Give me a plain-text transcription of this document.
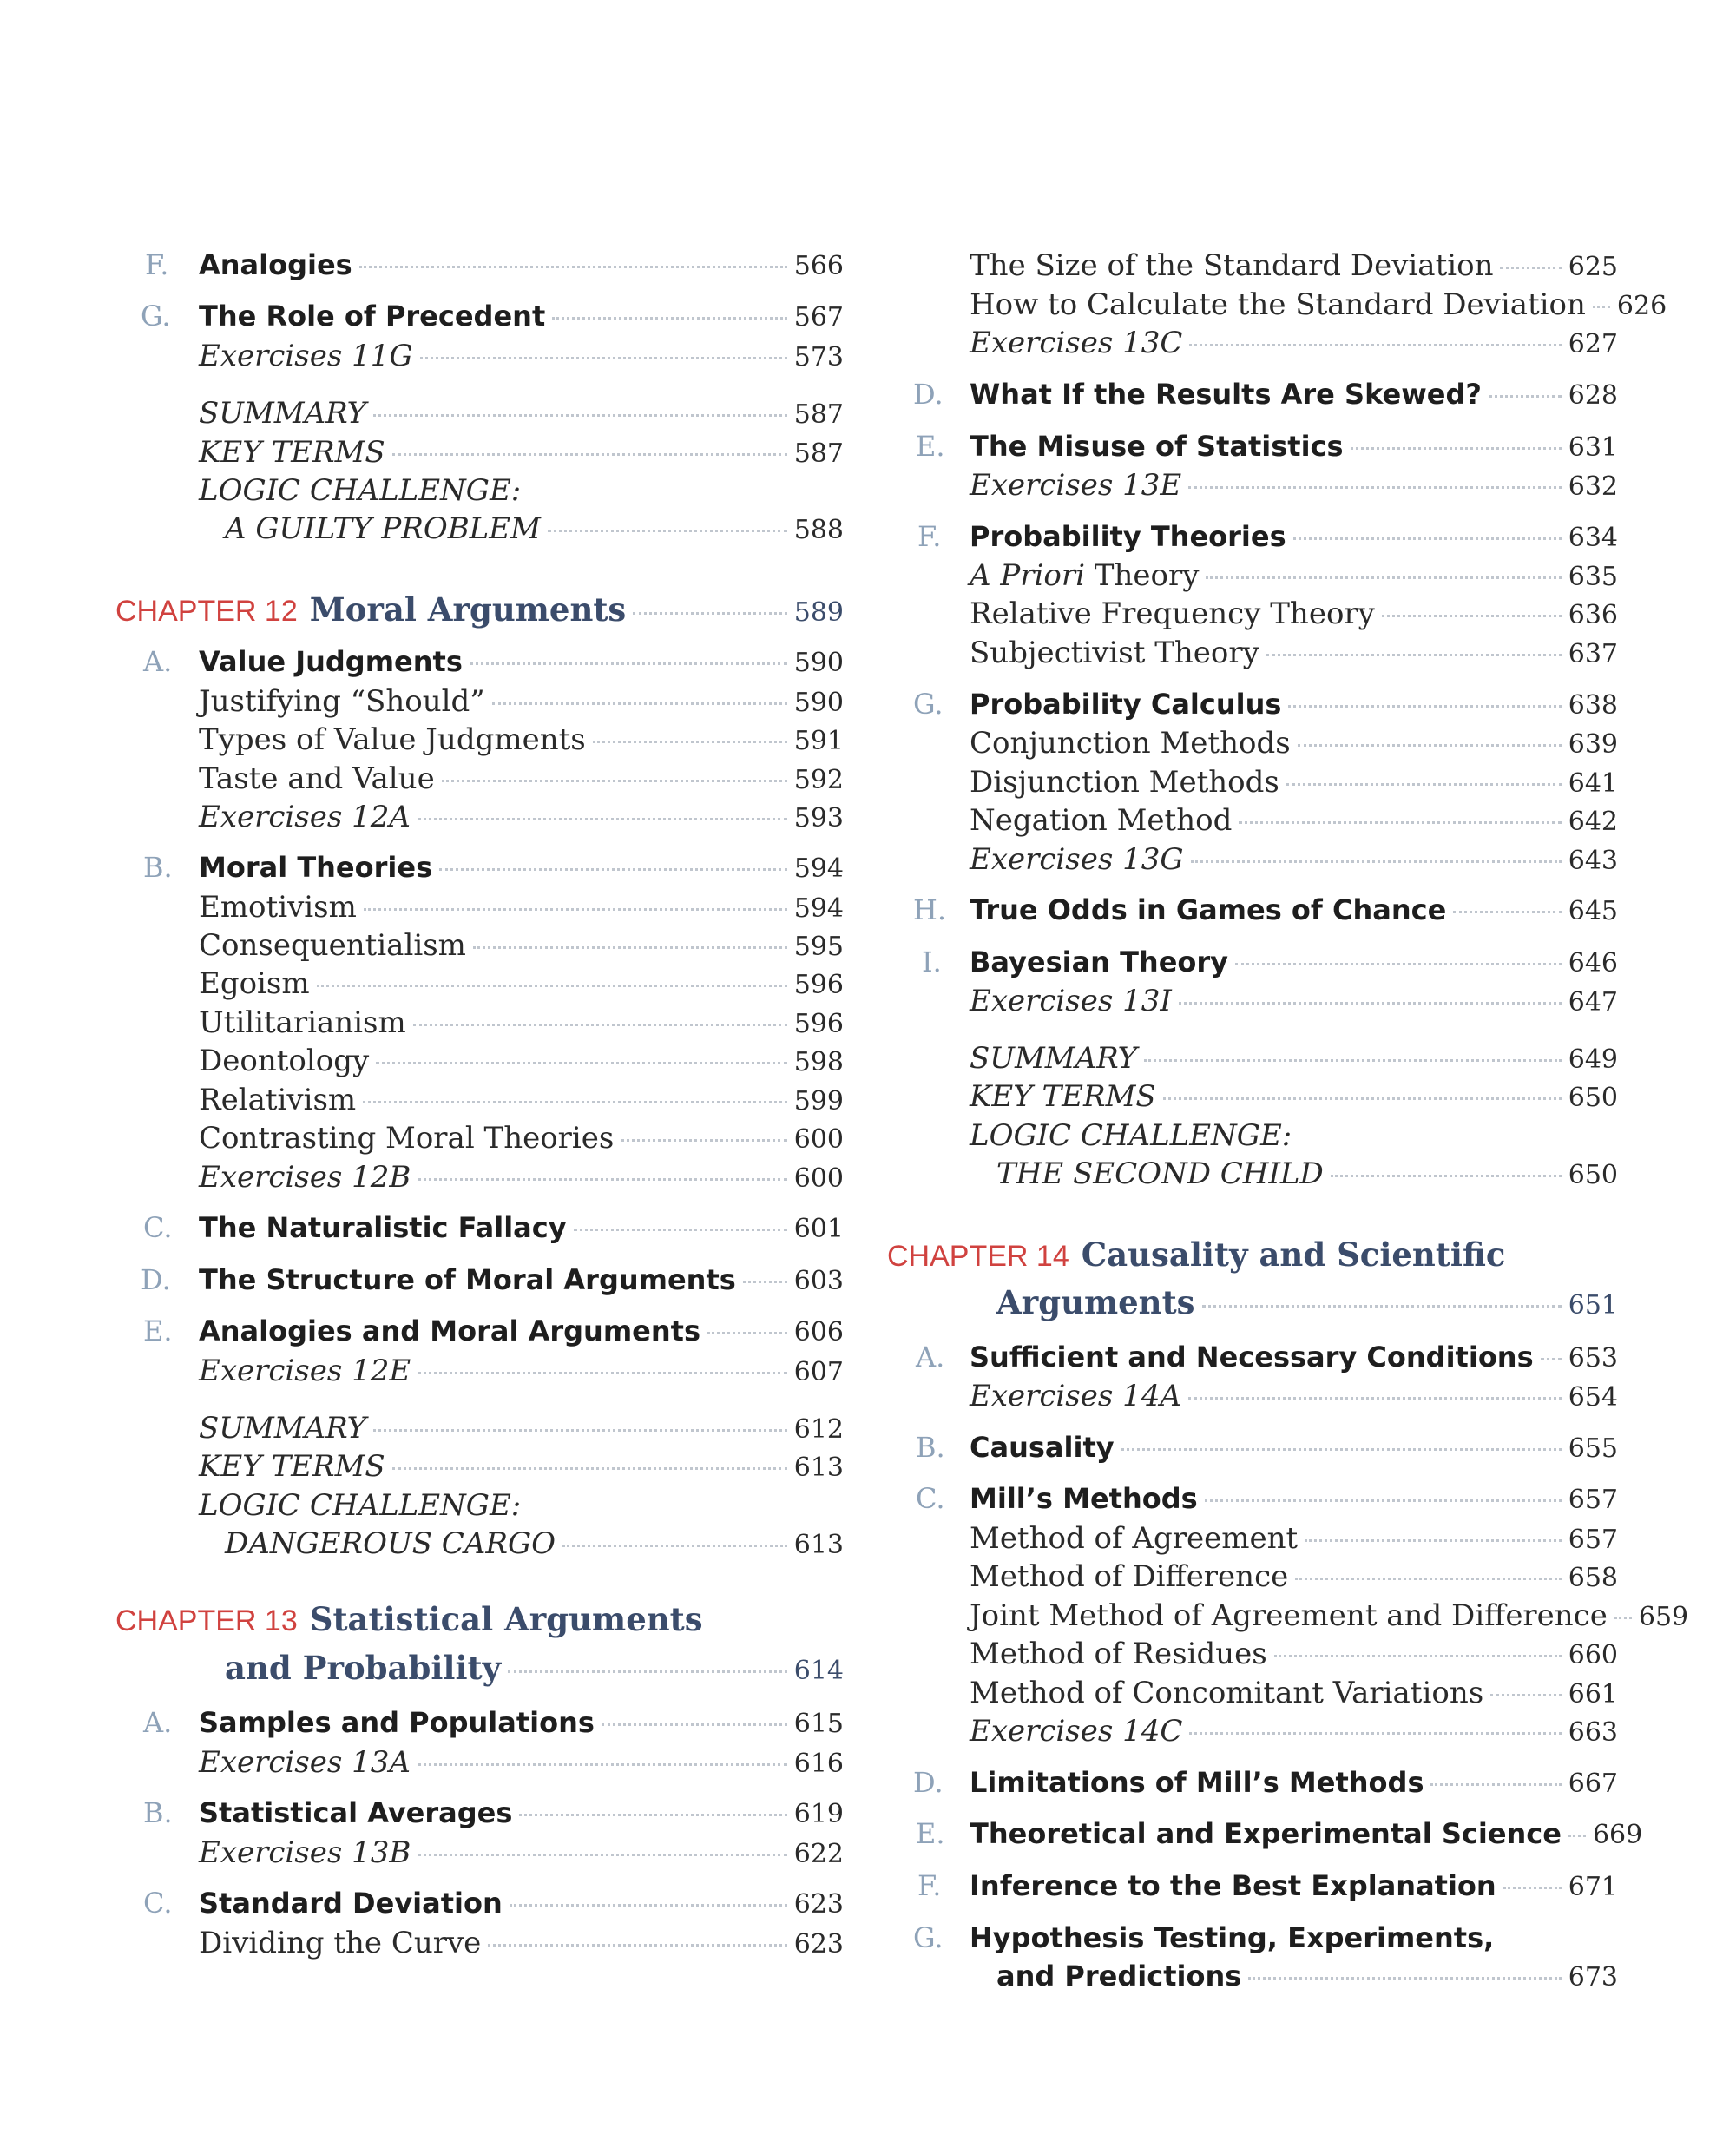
F. Analogies	566
G. The Role of Precedent	567
Exercises 11G	573
SUMMARY	587
KEY TERMS	587
LOGIC CHALLENGE:
A GUILTY PROBLEM	588
CHAPTER 12 Moral Arguments	589
A. Value Judgments	590
Justifying “Should”	590
Types of Value Judgments	591
Taste and Value	592
Exercises 12A	593
B. Moral Theories	594
Emotivism	594
Consequentialism	595
Egoism	596
Utilitarianism	596
Deontology	598
Relativism	599
Contrasting Moral Theories	600
Exercises 12B	600
C. The Naturalistic Fallacy	601
D. The Structure of Moral Arguments 603
E. Analogies and Moral Arguments	606
Exercises 12E	607
SUMMARY	612
KEY TERMS	613
LOGIC CHALLENGE:
DANGEROUS CARGO	613
CHAPTER 13 Statistical Arguments
and Probability	614
A. Samples and Populations	615
Exercises 13A	616
B. Statistical Averages	619
Exercises 13B	622
C. Standard Deviation	623
Dividing the Curve	623
The Size of the Standard Deviation	625
How to Calculate the Standard Deviation 626
Exercises 13C	627
D. What If the Results Are Skewed?	628
E. The Misuse of Statistics	631
Exercises 13E	632
F. Probability Theories	634
A Priori Theory	635
Relative Frequency Theory	636
Subjectivist Theory	637
G. Probability Calculus	638
Conjunction Methods	639
Disjunction Methods	641
Negation Method	642
Exercises 13G	643
H. True Odds in Games of Chance	645
I. Bayesian Theory	646
Exercises 13I	647
SUMMARY	649
KEY TERMS	650
LOGIC CHALLENGE:
THE SECOND CHILD	650
CHAPTER 14 Causality and Scientific
Arguments	651
A. Sufficient and Necessary Conditions 653
Exercises 14A	654
B. Causality	655
C. Mill’s Methods	657
Method of Agreement	657
Method of Difference	658
Joint Method of Agreement and Difference 659
Method of Residues	660
Method of Concomitant Variations	661
Exercises 14C	663
D. Limitations of Mill’s Methods	667
E. Theoretical and Experimental Science 669
F. Inference to the Best Explanation	671
G. Hypothesis Testing, Experiments,
and Predictions	673
